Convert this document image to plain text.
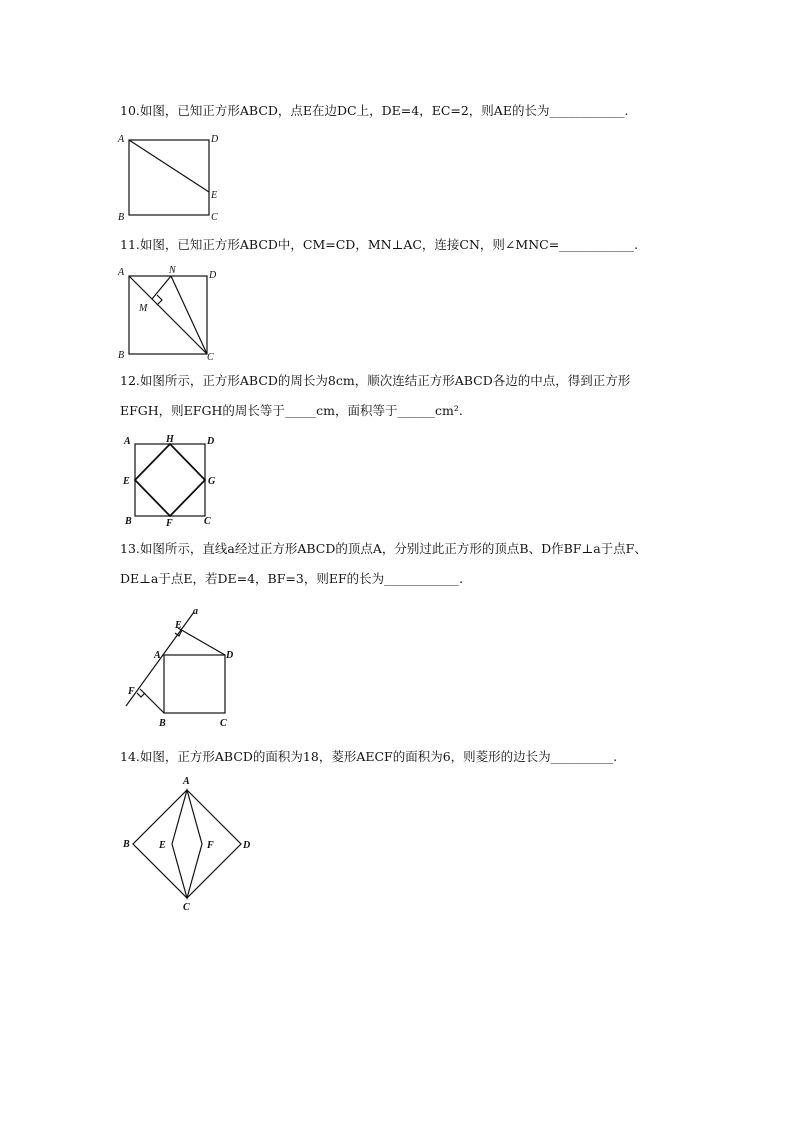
10.如图，已知正方形ABCD，点E在边DC上，DE=4，EC=2，则AE的长为____________.
A	D
E
B	C
11.如图，已知正方形ABCD中，CM=CD，MN⊥AC，连接CN，则∠MNC=____________.
A	N	D
M
B	C
12.如图所示，正方形ABCD的周长为8cm，顺次连结正方形ABCD各边的中点，得到正方形
EFGH，则EFGH的周长等于_____cm，面积等于______cm².
A	H	D
E	G
B	F	C
13.如图所示，直线a经过正方形ABCD的顶点A，分别过此正方形的顶点B、D作BF⊥a于点F、
DE⊥a于点E，若DE=4，BF=3，则EF的长为____________.
a
E
A	D
F
B	C
14.如图，正方形ABCD的面积为18，菱形AECF的面积为6，则菱形的边长为__________.
A
B	E	F	D
C
